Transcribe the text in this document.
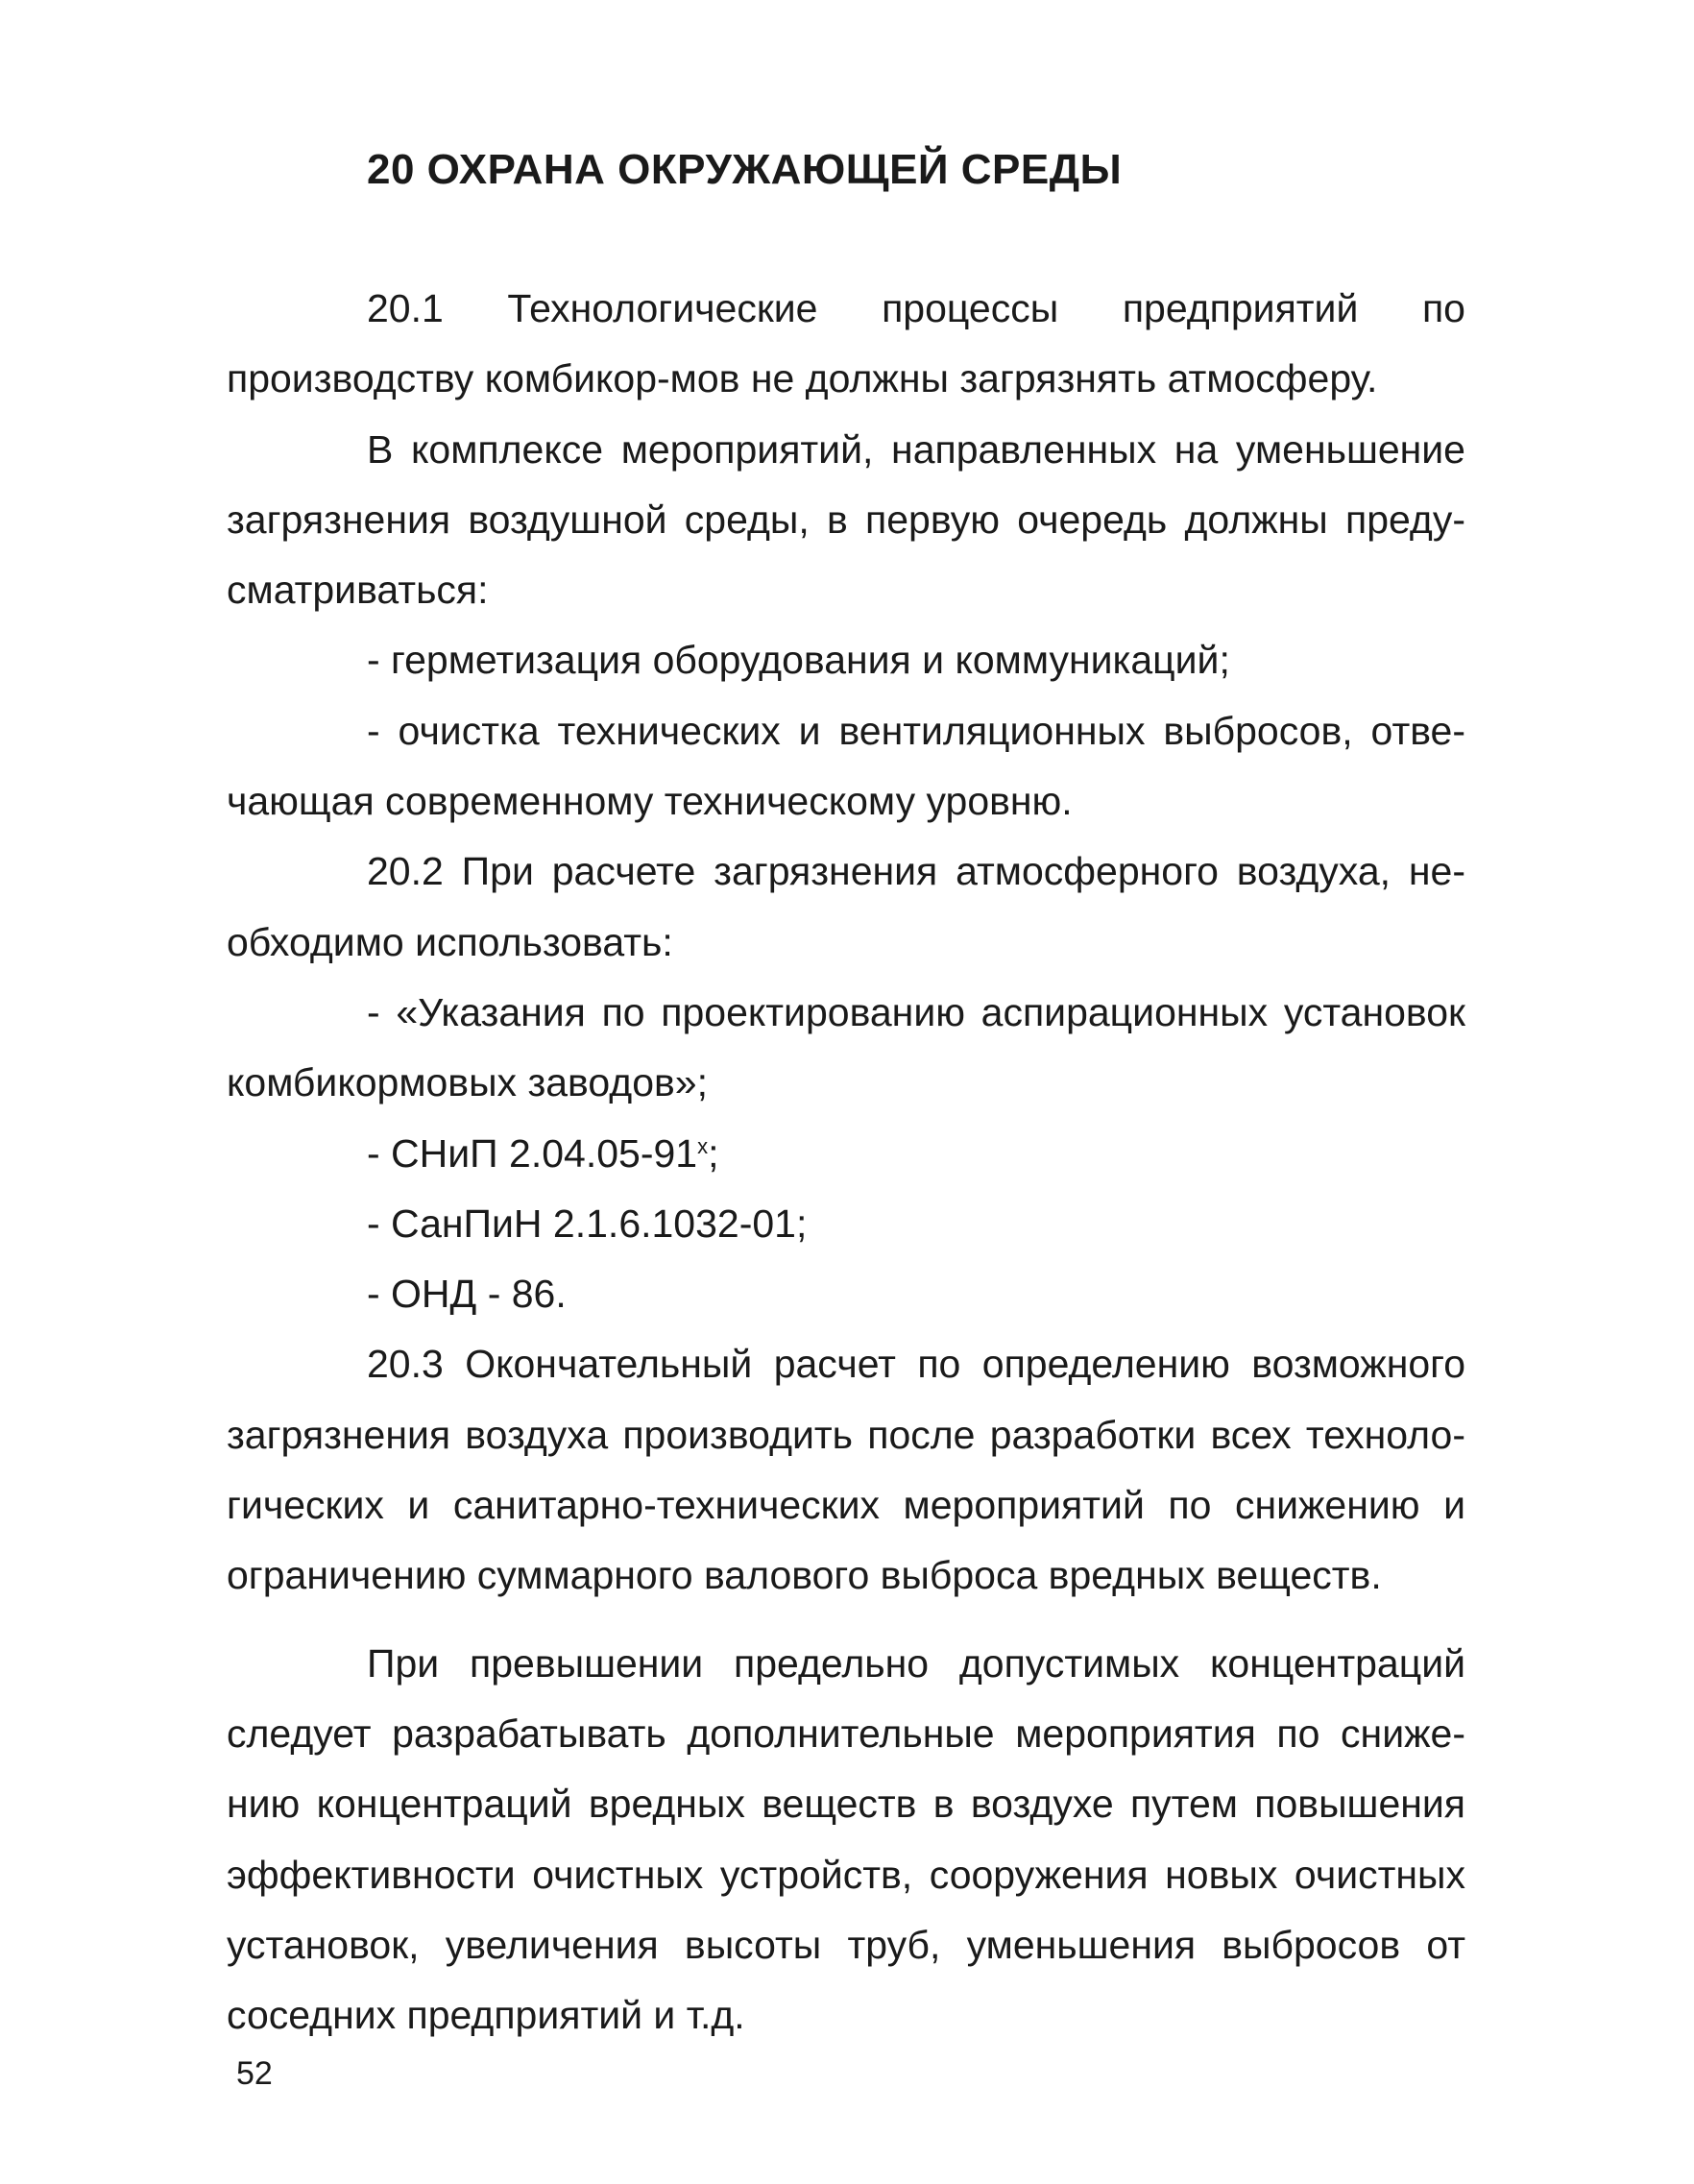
20 ОХРАНА ОКРУЖАЮЩЕЙ СРЕДЫ
20.1 Технологические процессы предприятий по
производству комбикор-мов не должны загрязнять атмосферу.
В комплексе мероприятий, направленных на уменьшение
загрязнения воздушной среды, в первую очередь должны преду-
сматриваться:
- герметизация оборудования и коммуникаций;
- очистка технических и вентиляционных выбросов, отве-
чающая современному техническому уровню.
20.2 При расчете загрязнения атмосферного воздуха, не-
обходимо использовать:
- «Указания по проектированию аспирационных установок
комбикормовых заводов»;
- СНиП 2.04.05-91$^x$;
- СанПиН 2.1.6.1032-01;
- ОНД - 86.
20.3 Окончательный расчет по определению возможного
загрязнения воздуха производить после разработки всех техноло-
гических и санитарно-технических мероприятий по снижению и
ограничению суммарного валового выброса вредных веществ.
При превышении предельно допустимых концентраций
следует разрабатывать дополнительные мероприятия по сниже-
нию концентраций вредных веществ в воздухе путем повышения
эффективности очистных устройств, сооружения новых очистных
установок, увеличения высоты труб, уменьшения выбросов от
соседних предприятий и т.д.
52
